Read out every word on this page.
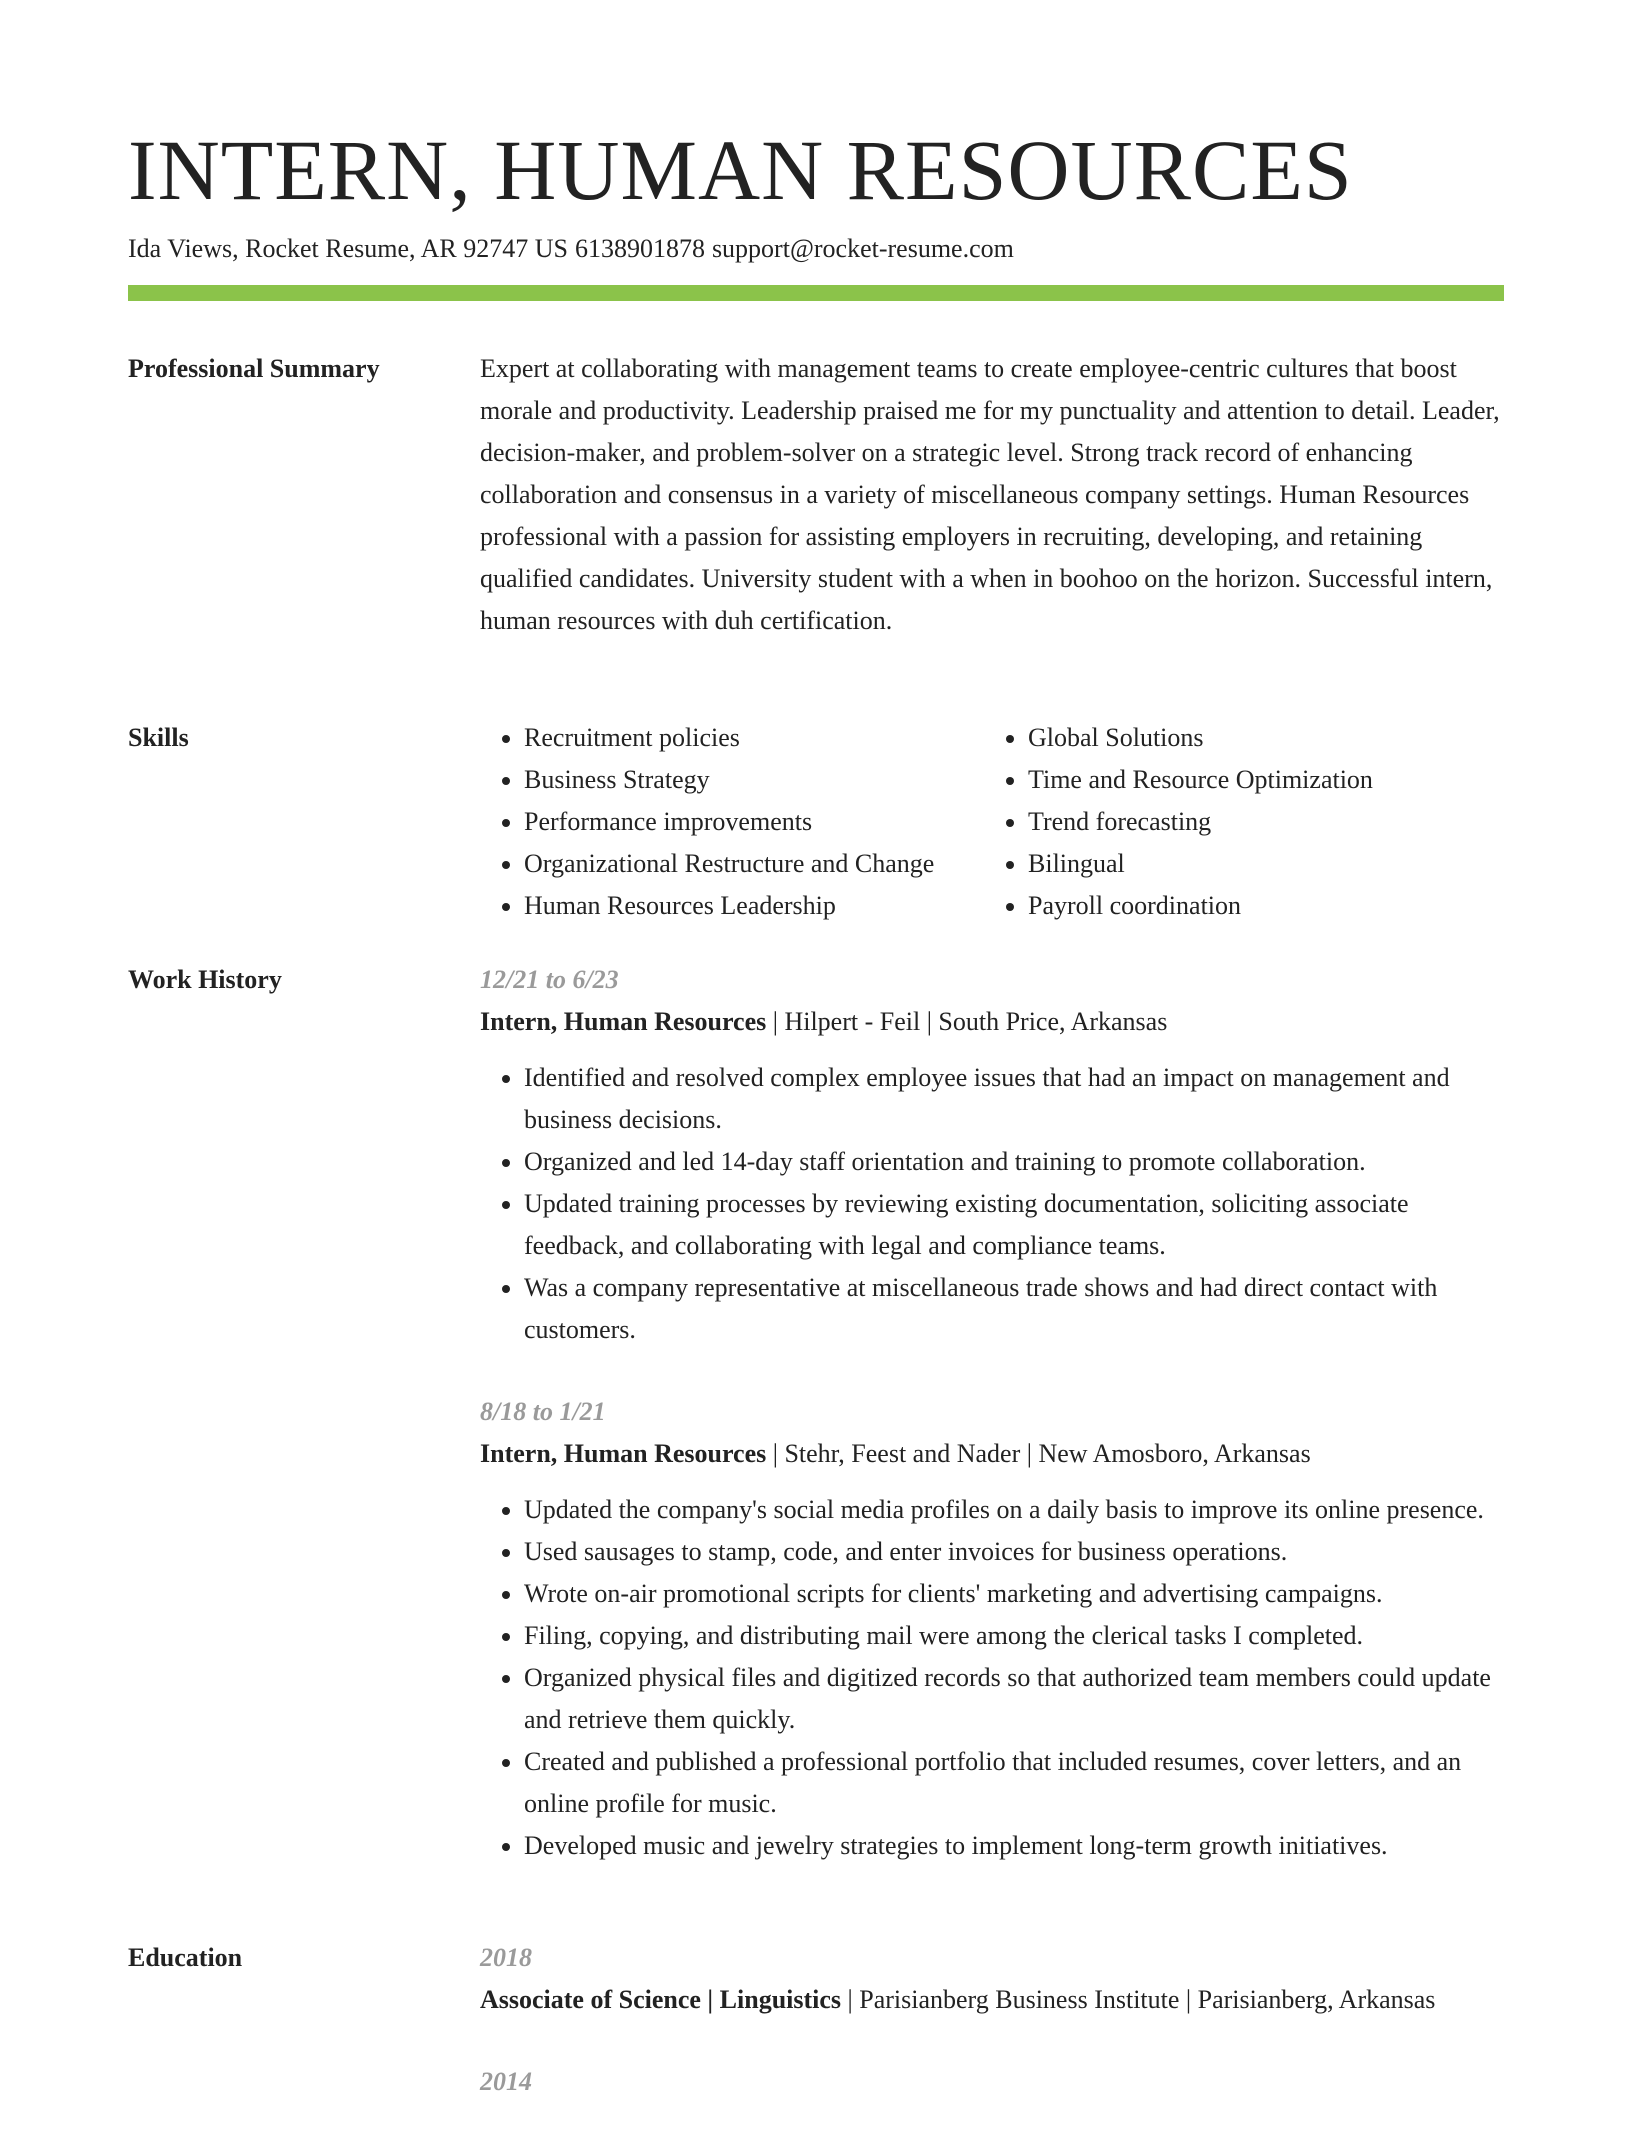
INTERN, HUMAN RESOURCES
Ida Views, Rocket Resume, AR 92747 US 6138901878 support@rocket-resume.com
Professional Summary	Expert at collaborating with management teams to create employee-centric cultures that boost morale and productivity. Leadership praised me for my punctuality and attention to detail. Leader, decision-maker, and problem-solver on a strategic level. Strong track record of enhancing collaboration and consensus in a variety of miscellaneous company settings. Human Resources professional with a passion for assisting employers in recruiting, developing, and retaining qualified candidates. University student with a when in boohoo on the horizon. Successful intern, human resources with duh certification.

Skills
•	Recruitment policies
• Business Strategy
• Performance improvements
• Organizational Restructure and Change
• Human Resources Leadership
• Global Solutions
• Time and Resource Optimization
• Trend forecasting
• Bilingual
• Payroll coordination
Work History	12/21 to 6/23
Intern, Human Resources | Hilpert - Feil | South Price, Arkansas
• Identified and resolved complex employee issues that had an impact on management and business decisions.
• Organized and led 14-day staff orientation and training to promote collaboration.
• Updated training processes by reviewing existing documentation, soliciting associate feedback, and collaborating with legal and compliance teams.
• Was a company representative at miscellaneous trade shows and had direct contact with customers.
8/18 to 1/21
Intern, Human Resources | Stehr, Feest and Nader | New Amosboro, Arkansas
• Updated the company's social media profiles on a daily basis to improve its online presence.
• Used sausages to stamp, code, and enter invoices for business operations.
• Wrote on-air promotional scripts for clients' marketing and advertising campaigns.
• Filing, copying, and distributing mail were among the clerical tasks I completed.
• Organized physical files and digitized records so that authorized team members could update and retrieve them quickly.
• Created and published a professional portfolio that included resumes, cover letters, and an online profile for music.
• Developed music and jewelry strategies to implement long-term growth initiatives.
Education	2018
Associate of Science | Linguistics | Parisianberg Business Institute | Parisianberg, Arkansas
2014
